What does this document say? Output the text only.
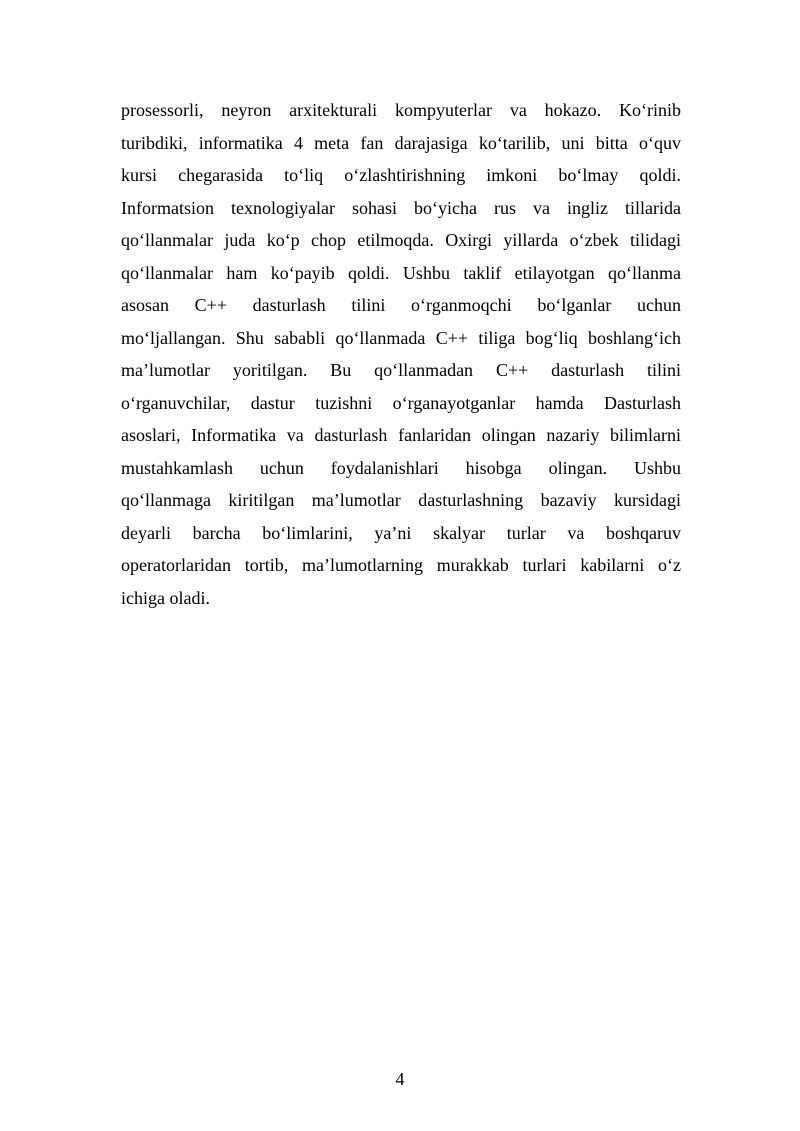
prosessorli, neyron arxitekturali kompyuterlar va hokazo. Koʻrinib
turibdiki, informatika 4 meta fan darajasiga koʻtarilib, uni bitta oʻquv
kursi chegarasida toʻliq oʻzlashtirishning imkoni boʻlmay qoldi.
Informatsion texnologiyalar sohasi boʻyicha rus va ingliz tillarida
qoʻllanmalar juda koʻp chop etilmoqda. Oxirgi yillarda oʻzbek tilidagi
qoʻllanmalar ham koʻpayib qoldi. Ushbu taklif etilayotgan qoʻllanma
asosan C++ dasturlash tilini oʻrganmoqchi boʻlganlar uchun
moʻljallangan. Shu sababli qoʻllanmada C++ tiliga bogʻliq boshlangʻich
maʼlumotlar yoritilgan. Bu qoʻllanmadan C++ dasturlash tilini
oʻrganuvchilar, dastur tuzishni oʻrganayotganlar hamda Dasturlash
asoslari, Informatika va dasturlash fanlaridan olingan nazariy bilimlarni
mustahkamlash uchun foydalanishlari hisobga olingan. Ushbu
qoʻllanmaga kiritilgan maʼlumotlar dasturlashning bazaviy kursidagi
deyarli barcha boʻlimlarini, yaʼni skalyar turlar va boshqaruv
operatorlaridan tortib, maʼlumotlarning murakkab turlari kabilarni oʻz
ichiga oladi.

4
